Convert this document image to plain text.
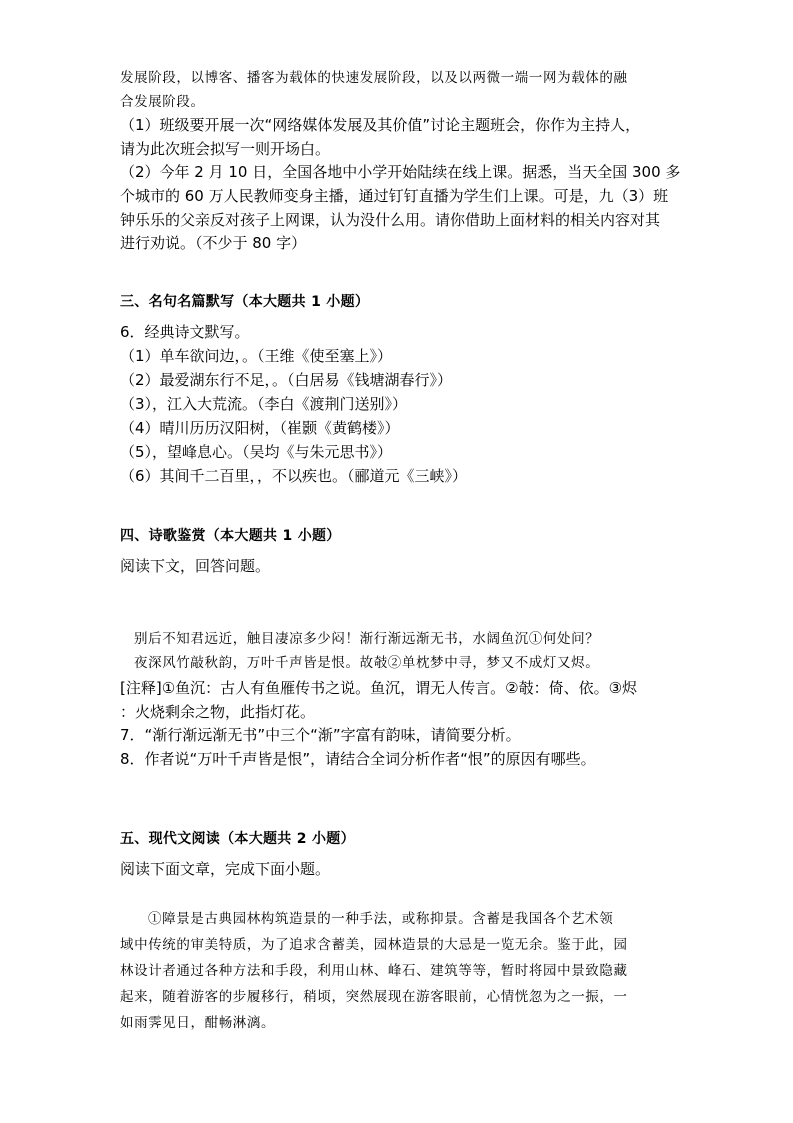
发展阶段，以博客、播客为载体的快速发展阶段，以及以两微一端一网为载体的融
合发展阶段。
（1）班级要开展一次“网络媒体发展及其价值”讨论主题班会，你作为主持人，
请为此次班会拟写一则开场白。
（2）今年 2 月 10 日，全国各地中小学开始陆续在线上课。据悉，当天全国 300 多
个城市的 60 万人民教师变身主播，通过钉钉直播为学生们上课。可是，九（3）班
钟乐乐的父亲反对孩子上网课，认为没什么用。请你借助上面材料的相关内容对其
进行劝说。（不少于 80 字）
三、名句名篇默写（本大题共 1 小题）
6．经典诗文默写。
（1）单车欲问边，。（王维《使至塞上》）
（2）最爱湖东行不足，。（白居易《钱塘湖春行》）
（3），江入大荒流。（李白《渡荆门送别》）
（4）晴川历历汉阳树，（崔颢《黄鹤楼》）
（5），望峰息心。（吴均《与朱元思书》）
（6）其间千二百里，，不以疾也。（郦道元《三峡》）
四、诗歌鉴赏（本大题共 1 小题）
阅读下文，回答问题。
别后不知君远近，触目凄凉多少闷！渐行渐远渐无书，水阔鱼沉①何处问？
夜深风竹敲秋韵，万叶千声皆是恨。故攲②单枕梦中寻，梦又不成灯又烬。
[注释]①鱼沉：古人有鱼雁传书之说。鱼沉，谓无人传言。②攲：倚、依。③烬
：火烧剩余之物，此指灯花。
7．“渐行渐远渐无书”中三个“渐”字富有韵味，请简要分析。
8．作者说“万叶千声皆是恨”，请结合全词分析作者“恨”的原因有哪些。
五、现代文阅读（本大题共 2 小题）
阅读下面文章，完成下面小题。
①障景是古典园林构筑造景的一种手法，或称抑景。含蓄是我国各个艺术领
域中传统的审美特质，为了追求含蓄美，园林造景的大忌是一览无余。鉴于此，园
林设计者通过各种方法和手段，利用山林、峰石、建筑等等，暂时将园中景致隐藏
起来，随着游客的步履移行，稍顷，突然展现在游客眼前，心情恍忽为之一振，一
如雨霁见日，酣畅淋漓。
